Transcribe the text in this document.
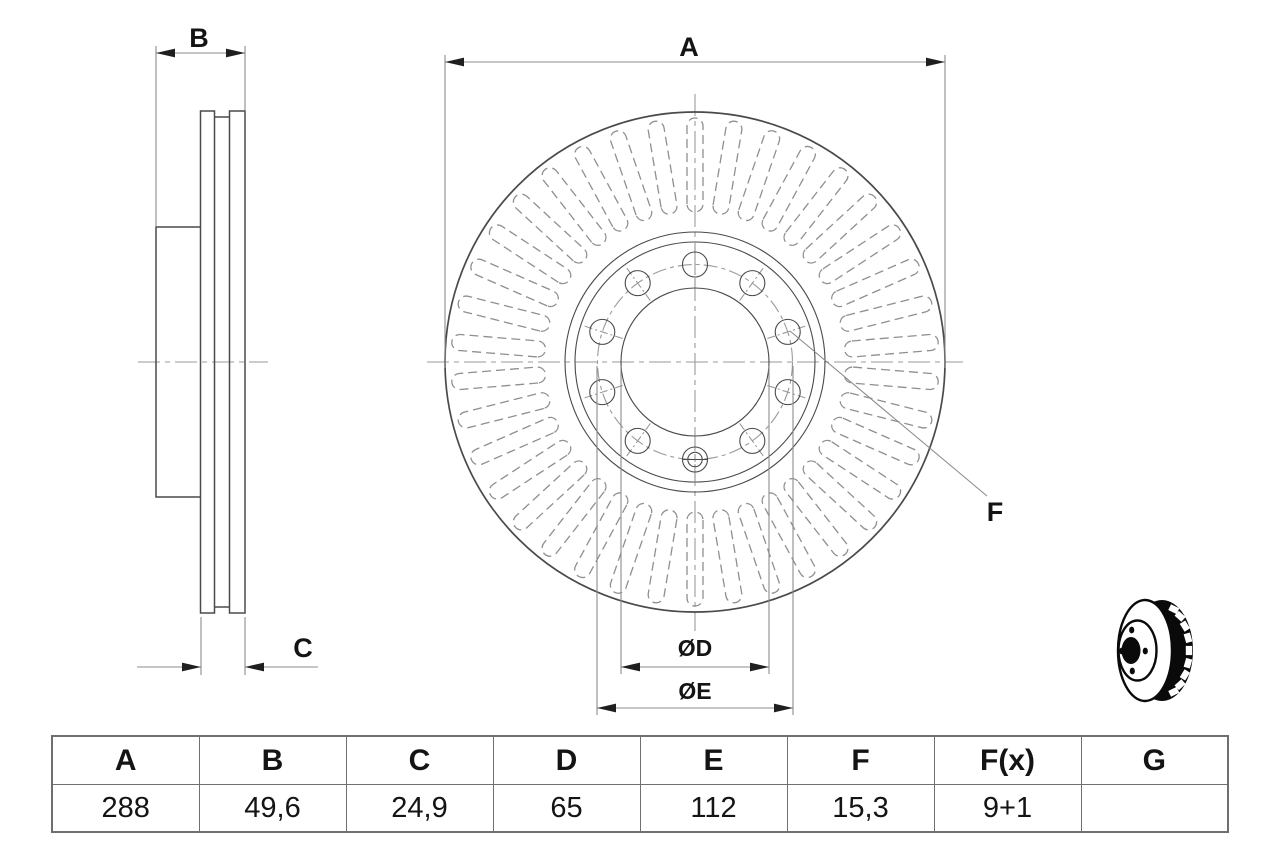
B
C
A
ØD
ØE
F
A	B	C	D	E	F	F(x)	G
288	49,6	24,9	65	112	15,3	9+1	
